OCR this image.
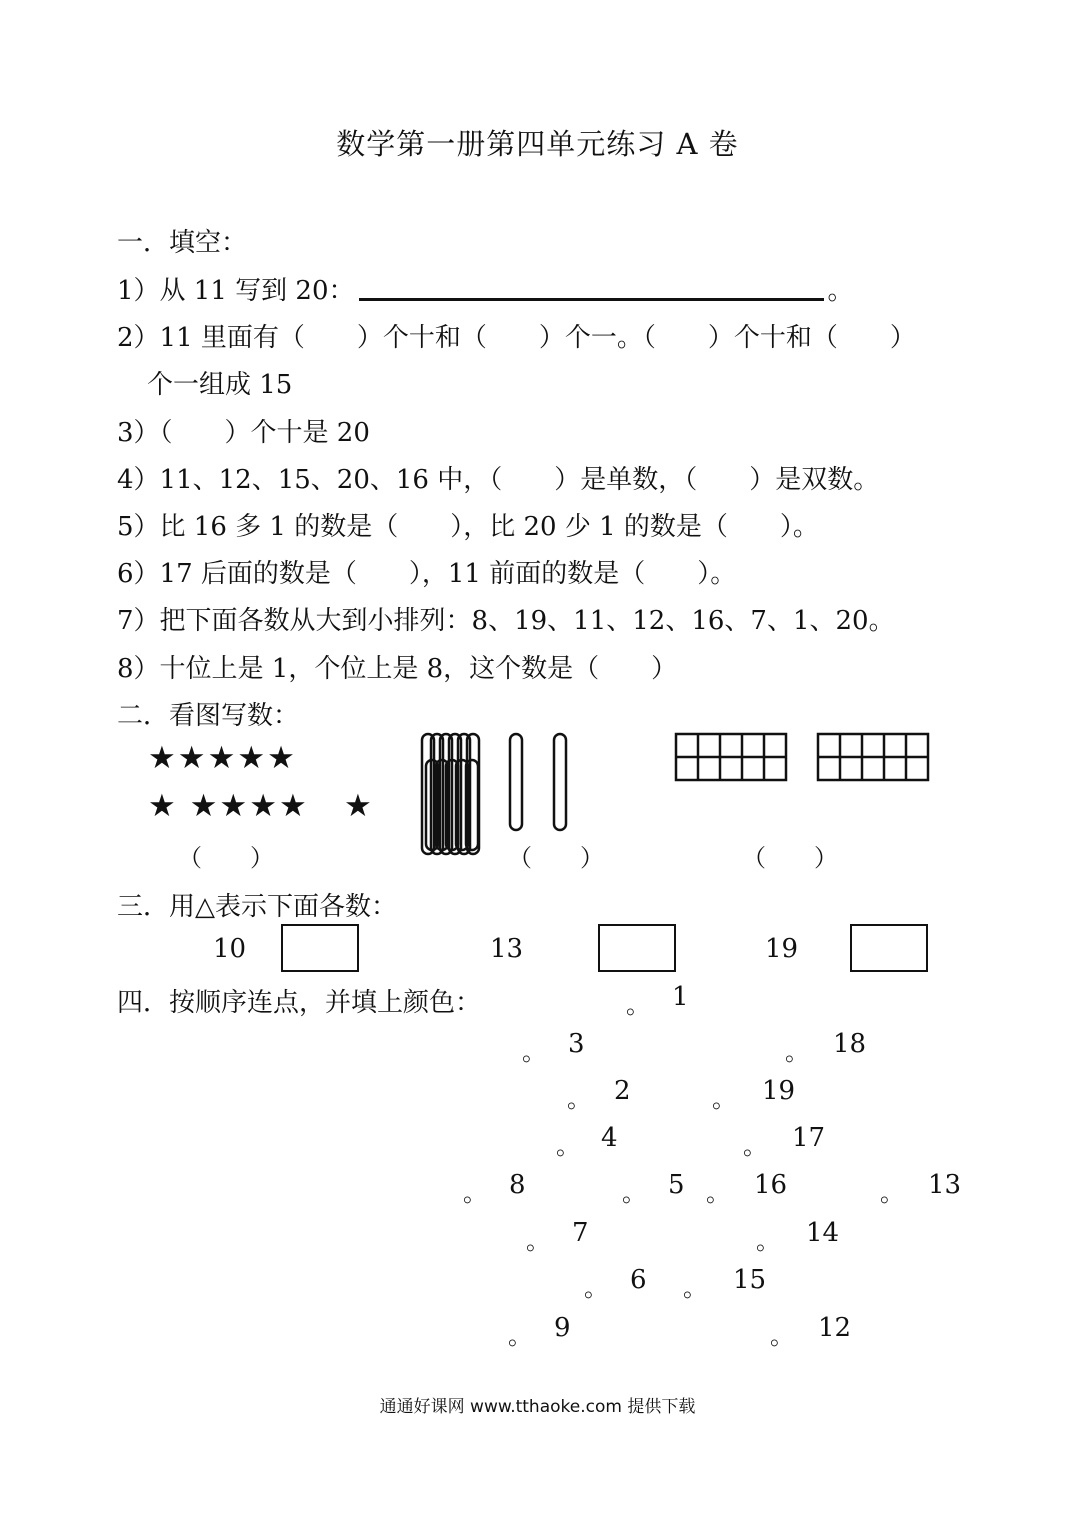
数学第一册第四单元练习 A 卷
一．填空：
1）从 11 写到 20：	。
2）11 里面有（　　）个十和（　　）个一。（　　）个十和（　　）
个一组成 15
3）（　　）个十是 20
4）11、12、15、20、16 中，（　　）是单数，（　　）是双数。
5）比 16 多 1 的数是（　　），比 20 少 1 的数是（　　）。
6）17 后面的数是（　　），11 前面的数是（　　）。
7）把下面各数从大到小排列：8、19、11、12、16、7、1、20。
8）十位上是 1，个位上是 8，这个数是（　　）
二．看图写数：
★★★★★
★ ★★★★ ★
（　　）	（　　）	（　　）
三．用△表示下面各数：
10	13	19
四．按顺序连点，并填上颜色：	。 1
。 3	。 18
。 2	。 19
。 4	。 17
。 8	。 5 。 16	。 13
。 7	。 14
。 6 。 15
。 9	。 12
通通好课网 www.tthaoke.com 提供下载
